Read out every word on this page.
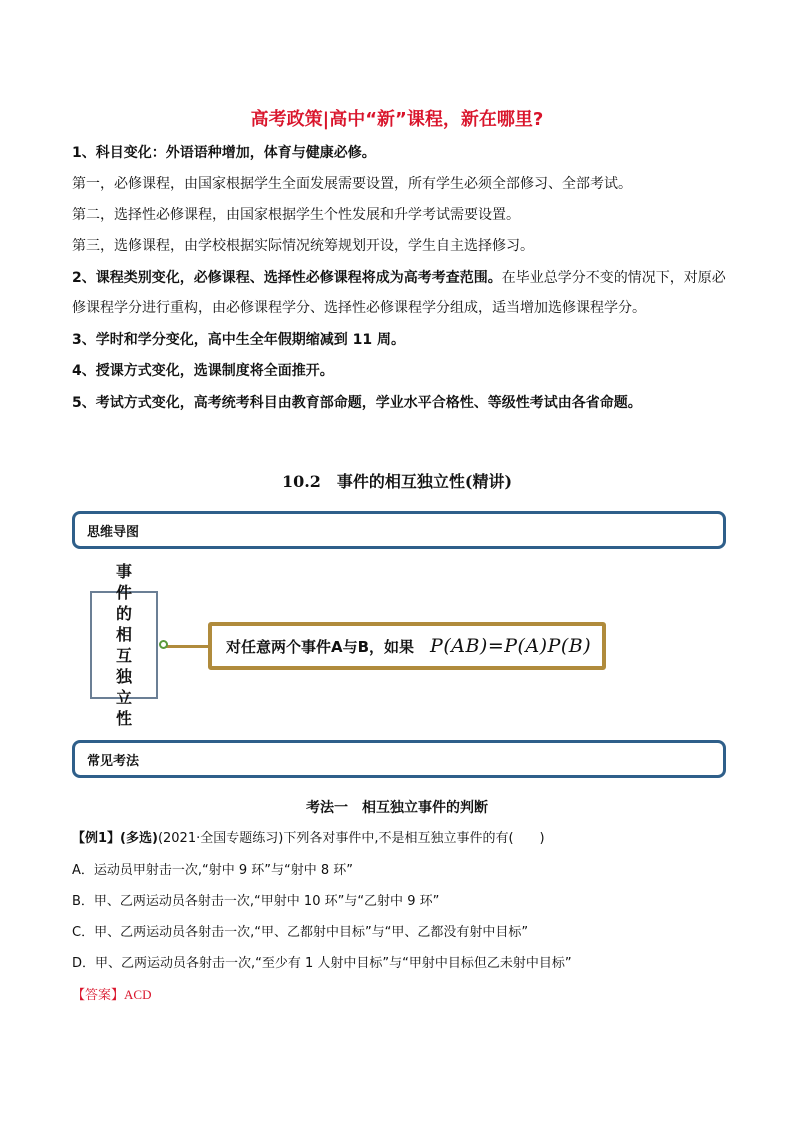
高考政策|高中“新”课程，新在哪里?
1、科目变化：外语语种增加，体育与健康必修。
第一，必修课程，由国家根据学生全面发展需要设置，所有学生必须全部修习、全部考试。
第二，选择性必修课程，由国家根据学生个性发展和升学考试需要设置。
第三，选修课程，由学校根据实际情况统筹规划开设，学生自主选择修习。
2、课程类别变化，必修课程、选择性必修课程将成为高考考查范围。在毕业总学分不变的情况下，对原必
修课程学分进行重构，由必修课程学分、选择性必修课程学分组成，适当增加选修课程学分。
3、学时和学分变化，高中生全年假期缩减到 11 周。
4、授课方式变化，选课制度将全面推开。
5、考试方式变化，高考统考科目由教育部命题，学业水平合格性、等级性考试由各省命题。
10.2　事件的相互独立性(精讲)
思维导图
事件的相互独立性
对任意两个事件A与B，如果 P(AB)=P(A)P(B)
常见考法
考法一　相互独立事件的判断
【例1】(多选)(2021·全国专题练习)下列各对事件中,不是相互独立事件的有(　　)
A．运动员甲射击一次,“射中 9 环”与“射中 8 环”
B．甲、乙两运动员各射击一次,“甲射中 10 环”与“乙射中 9 环”
C．甲、乙两运动员各射击一次,“甲、乙都射中目标”与“甲、乙都没有射中目标”
D．甲、乙两运动员各射击一次,“至少有 1 人射中目标”与“甲射中目标但乙未射中目标”
【答案】ACD
